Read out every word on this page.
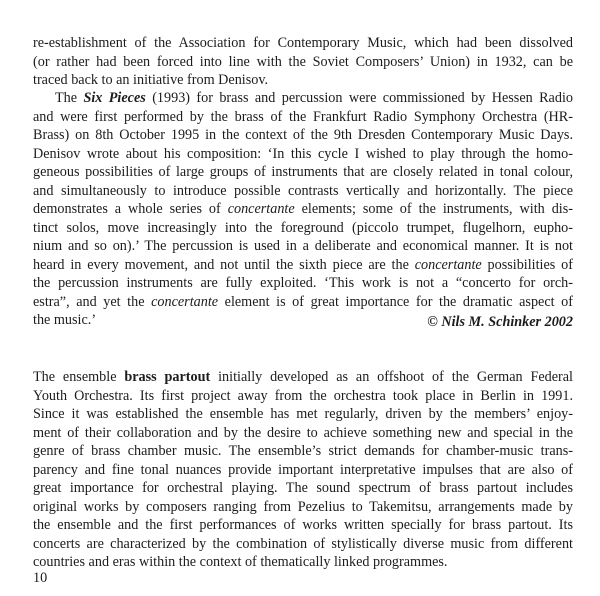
re-establishment of the Association for Contemporary Music, which had been dissolved
(or rather had been forced into line with the Soviet Composers’ Union) in 1932, can be
traced back to an initiative from Denisov.
The Six Pieces (1993) for brass and percussion were commissioned by Hessen Radio
and were first performed by the brass of the Frankfurt Radio Symphony Orchestra (HR-
Brass) on 8th October 1995 in the context of the 9th Dresden Contemporary Music Days.
Denisov wrote about his composition: ‘In this cycle I wished to play through the homo-
geneous possibilities of large groups of instruments that are closely related in tonal colour,
and simultaneously to introduce possible contrasts vertically and horizontally. The piece
demonstrates a whole series of concertante elements; some of the instruments, with dis-
tinct solos, move increasingly into the foreground (piccolo trumpet, flugelhorn, eupho-
nium and so on).’ The percussion is used in a deliberate and economical manner. It is not
heard in every movement, and not until the sixth piece are the concertante possibilities of
the percussion instruments are fully exploited. ‘This work is not a “concerto for orch-
estra”, and yet the concertante element is of great importance for the dramatic aspect of
the music.’	© Nils M. Schinker 2002
The ensemble brass partout initially developed as an offshoot of the German Federal
Youth Orchestra. Its first project away from the orchestra took place in Berlin in 1991.
Since it was established the ensemble has met regularly, driven by the members’ enjoy-
ment of their collaboration and by the desire to achieve something new and special in the
genre of brass chamber music. The ensemble’s strict demands for chamber-music trans-
parency and fine tonal nuances provide important interpretative impulses that are also of
great importance for orchestral playing. The sound spectrum of brass partout includes
original works by composers ranging from Pezelius to Takemitsu, arrangements made by
the ensemble and the first performances of works written specially for brass partout. Its
concerts are characterized by the combination of stylistically diverse music from different
countries and eras within the context of thematically linked programmes.
10
